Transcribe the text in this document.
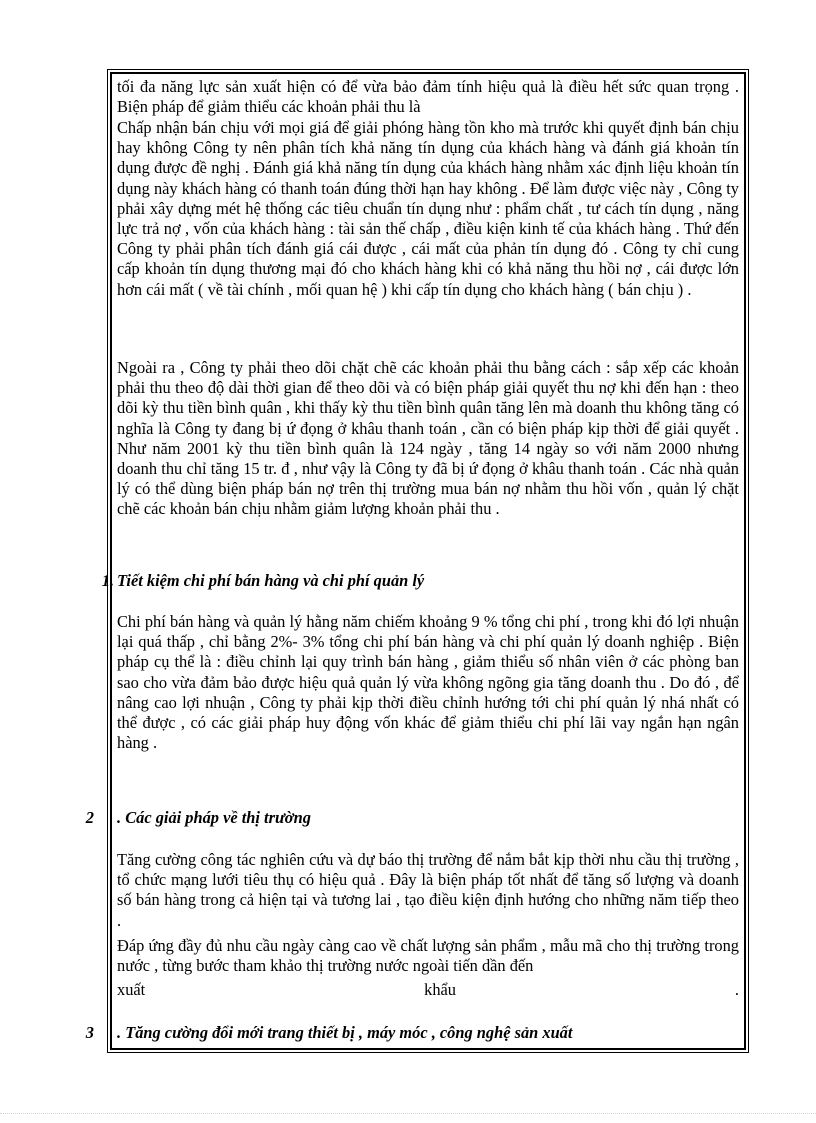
tối đa năng lực sản xuất hiện có để vừa bảo đảm tính hiệu quả là điều hết sức quan trọng . Biện pháp để giảm thiểu các khoản phải thu là

Chấp nhận bán chịu với mọi giá để giải phóng hàng tồn kho mà trước khi quyết định bán chịu hay không Công ty nên phân tích khả năng tín dụng của khách hàng và đánh giá khoản tín dụng được đề nghị . Đánh giá khả năng tín dụng của khách hàng nhằm xác định liệu khoản tín dụng này khách hàng có thanh toán đúng thời hạn hay không . Để làm được việc này , Công ty phải xây dựng mét hệ thống các tiêu chuẩn tín dụng như : phẩm chất , tư cách tín dụng , năng lực trả nợ , vốn của khách hàng : tài sản thế chấp , điều kiện kinh tế của khách hàng . Thứ đến Công ty phải phân tích đánh giá cái được , cái mất của phản tín dụng đó . Công ty chỉ cung cấp khoản tín dụng thương mại đó cho khách hàng khi có khả năng thu hồi nợ , cái được lớn hơn cái mất ( về tài chính , mối quan hệ ) khi cấp tín dụng cho khách hàng ( bán chịu ) .

Ngoài ra , Công ty phải theo dõi chặt chẽ các khoản phải thu bằng cách : sắp xếp các khoản phải thu theo độ dài thời gian để theo dõi và có biện pháp giải quyết thu nợ khi đến hạn : theo dõi kỳ thu tiền bình quân , khi thấy kỳ thu tiền bình quân tăng lên mà doanh thu không tăng có nghĩa là Công ty đang bị ứ đọng ở khâu thanh toán , cần có biện pháp kịp thời để giải quyết . Như năm 2001 kỳ thu tiền bình quân là 124 ngày , tăng 14 ngày so với năm 2000 nhưng doanh thu chỉ tăng 15 tr. đ , như vậy là Công ty đã bị ứ đọng ở khâu thanh toán . Các nhà quản lý có thể dùng biện pháp bán nợ trên thị trường mua bán nợ nhằm thu hồi vốn , quản lý chặt chẽ các khoản bán chịu nhằm giảm lượng khoản phải thu .

1. Tiết kiệm chi phí bán hàng và chi phí quản lý

Chi phí bán hàng và quản lý hằng năm chiếm khoảng 9 % tổng chi phí , trong khi đó lợi nhuận lại quá thấp , chỉ bằng 2%- 3% tổng chi phí bán hàng và chi phí quản lý doanh nghiệp . Biện pháp cụ thể là : điều chỉnh lại quy trình bán hàng , giảm thiểu số nhân viên ở các phòng ban sao cho vừa đảm bảo được hiệu quả quản lý vừa không ngõng gia tăng doanh thu . Do đó , để nâng cao lợi nhuận , Công ty phải kịp thời điều chỉnh hướng tới chi phí quản lý nhá nhất có thể được , có các giải pháp huy động vốn khác để giảm thiểu chi phí lãi vay ngắn hạn ngân hàng .

2 . Các giải pháp về thị trường

Tăng cường công tác nghiên cứu và dự báo thị trường để nắm bắt kịp thời nhu cầu thị trường , tổ chức mạng lưới tiêu thụ có hiệu quả . Đây là biện pháp tốt nhất để tăng số lượng và doanh số bán hàng trong cả hiện tại và tương lai , tạo điều kiện định hướng cho những năm tiếp theo .

Đáp ứng đầy đủ nhu cầu ngày càng cao về chất lượng sản phẩm , mẫu mã cho thị trường trong nước , từng bước tham khảo thị trường nước ngoài tiến dần đến

xuất	khẩu	.
3 . Tăng cường đổi mới trang thiết bị , máy móc , công nghệ sản xuất
